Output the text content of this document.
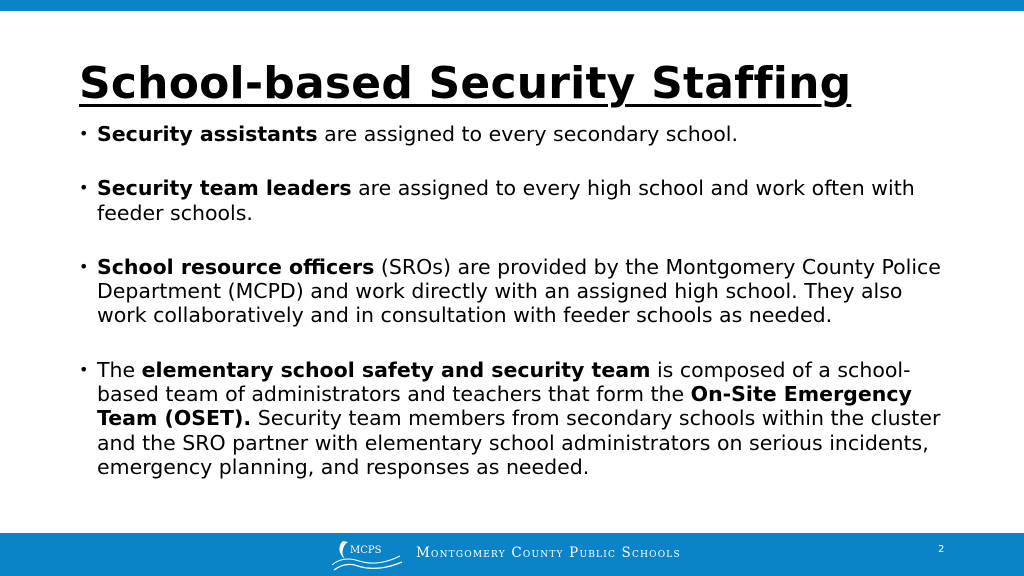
School-based Security Staffing
• Security assistants are assigned to every secondary school.
• Security team leaders are assigned to every high school and work often with feeder schools.
• School resource officers (SROs) are provided by the Montgomery County Police Department (MCPD) and work directly with an assigned high school. They also work collaboratively and in consultation with feeder schools as needed.
• The elementary school safety and security team is composed of a school-based team of administrators and teachers that form the On-Site Emergency Team (OSET). Security team members from secondary schools within the cluster and the SRO partner with elementary school administrators on serious incidents, emergency planning, and responses as needed.
MCPS	Montgomery County Public Schools	2
